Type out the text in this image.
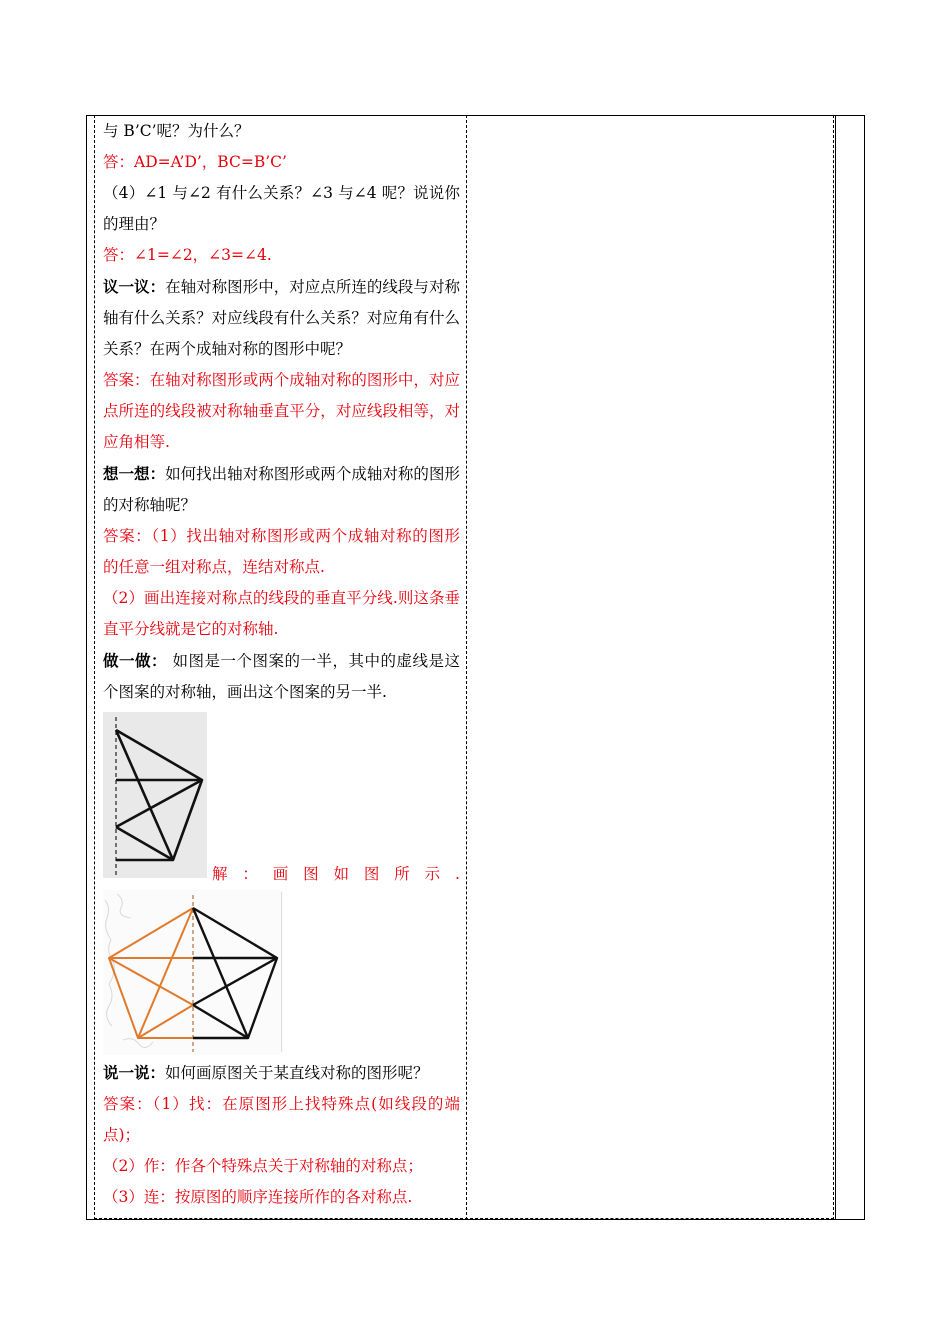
与 B’C’呢？为什么？

答：AD=A’D’，BC=B’C’

（4）∠1 与∠2 有什么关系？∠3 与∠4 呢？说说你的理由？

答：∠1=∠2，∠3=∠4.

议一议：在轴对称图形中，对应点所连的线段与对称轴有什么关系？对应线段有什么关系？对应角有什么关系？在两个成轴对称的图形中呢？

答案：在轴对称图形或两个成轴对称的图形中，对应点所连的线段被对称轴垂直平分，对应线段相等，对应角相等.

想一想：如何找出轴对称图形或两个成轴对称的图形的对称轴呢？

答案：（1）找出轴对称图形或两个成轴对称的图形的任意一组对称点，连结对称点.

（2）画出连接对称点的线段的垂直平分线.则这条垂直平分线就是它的对称轴.

做一做： 如图是一个图案的一半，其中的虚线是这个图案的对称轴，画出这个图案的另一半.

解 ： 画 图 如 图 所 示 .

说一说：如何画原图关于某直线对称的图形呢？

答案：（1）找：在原图形上找特殊点(如线段的端点)；

（2）作：作各个特殊点关于对称轴的对称点；

（3）连：按原图的顺序连接所作的各对称点.
